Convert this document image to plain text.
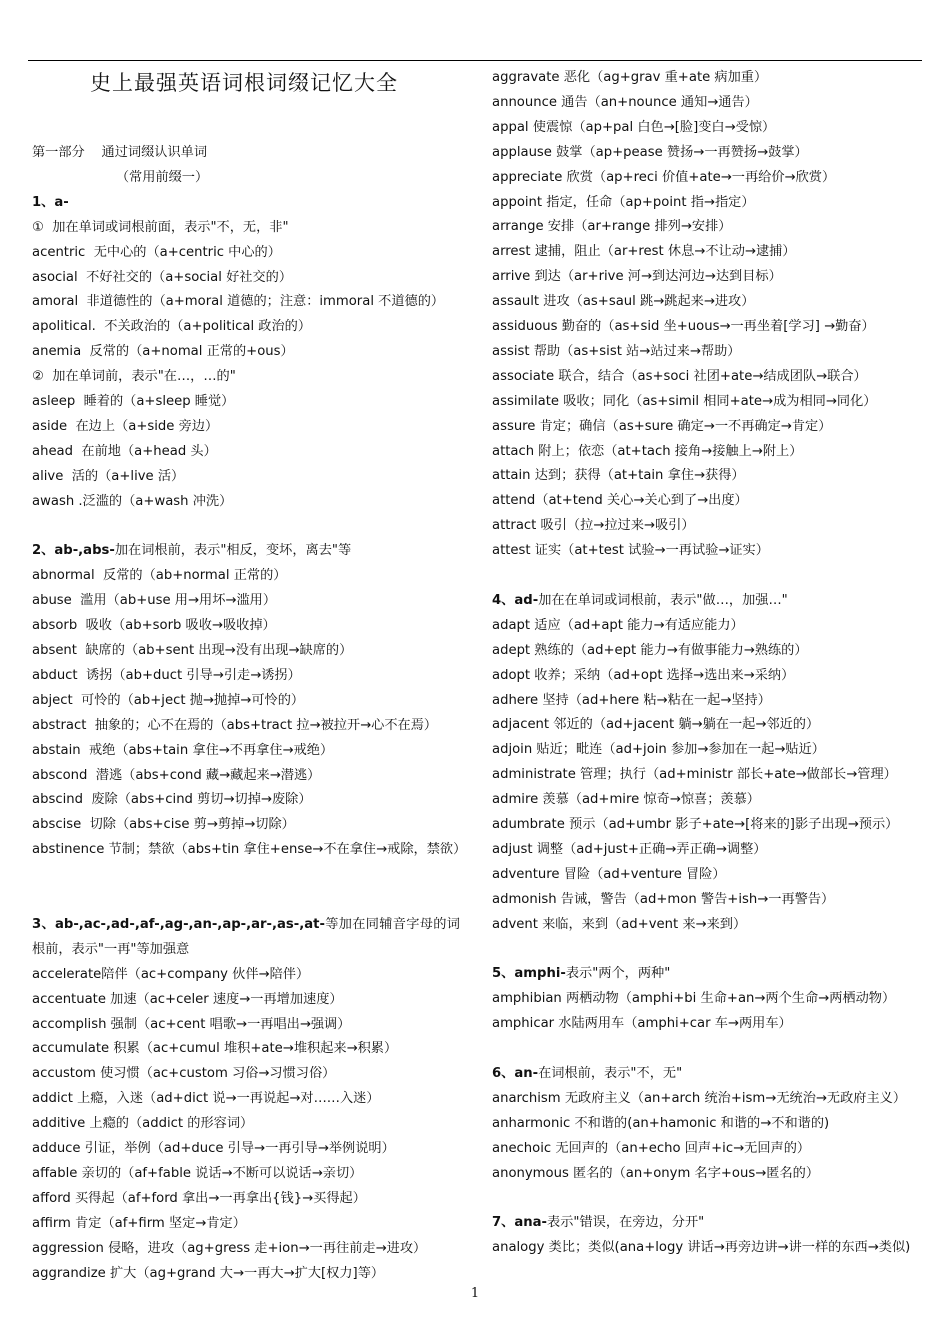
史上最强英语词根词缀记忆大全
第一部分    通过词缀认识单词
（常用前缀一）
1、a-
①  加在单词或词根前面，表示"不，无，非"
acentric  无中心的（a+centric 中心的）
asocial  不好社交的（a+social 好社交的）
amoral  非道德性的（a+moral 道德的；注意：immoral 不道德的）
apolitical.  不关政治的（a+political 政治的）
anemia  反常的（a+nomal 正常的+ous）
②  加在单词前，表示"在…，…的"
asleep  睡着的（a+sleep 睡觉）
aside  在边上（a+side 旁边）
ahead  在前地（a+head 头）
alive  活的（a+live 活）
awash .泛滥的（a+wash 冲洗）
2、ab-,abs-加在词根前，表示"相反，变坏，离去"等
abnormal  反常的（ab+normal 正常的）
abuse  滥用（ab+use 用→用坏→滥用）
absorb  吸收（ab+sorb 吸收→吸收掉）
absent  缺席的（ab+sent 出现→没有出现→缺席的）
abduct  诱拐（ab+duct 引导→引走→诱拐）
abject  可怜的（ab+ject 抛→抛掉→可怜的）
abstract  抽象的；心不在焉的（abs+tract 拉→被拉开→心不在焉）
abstain  戒绝（abs+tain 拿住→不再拿住→戒绝）
abscond  潜逃（abs+cond 藏→藏起来→潜逃）
abscind  废除（abs+cind 剪切→切掉→废除）
abscise  切除（abs+cise 剪→剪掉→切除）
abstinence 节制；禁欲（abs+tin 拿住+ense→不在拿住→戒除，禁欲）
3、ab-,ac-,ad-,af-,ag-,an-,ap-,ar-,as-,at-等加在同辅音字母的词根前，表示"一再"等加强意
accelerate陪伴（ac+company 伙伴→陪伴）
accentuate 加速（ac+celer 速度→一再增加速度）
accomplish 强制（ac+cent 唱歌→一再唱出→强调）
accumulate 积累（ac+cumul 堆积+ate→堆积起来→积累）
accustom 使习惯（ac+custom 习俗→习惯习俗）
addict 上瘾，入迷（ad+dict 说→一再说起→对……入迷）
additive 上瘾的（addict 的形容词）
adduce 引证，举例（ad+duce 引导→一再引导→举例说明）
affable 亲切的（af+fable 说话→不断可以说话→亲切）
afford 买得起（af+ford 拿出→一再拿出{钱}→买得起）
affirm 肯定（af+firm 坚定→肯定）
aggression 侵略，进攻（ag+gress 走+ion→一再往前走→进攻）
aggrandize 扩大（ag+grand 大→一再大→扩大[权力]等）
aggravate 恶化（ag+grav 重+ate 病加重）
announce 通告（an+nounce 通知→通告）
appal 使震惊（ap+pal 白色→[脸]变白→受惊）
applause 鼓掌（ap+pease 赞扬→一再赞扬→鼓掌）
appreciate 欣赏（ap+reci 价值+ate→一再给价→欣赏）
appoint 指定，任命（ap+point 指→指定）
arrange 安排（ar+range 排列→安排）
arrest 逮捕，阻止（ar+rest 休息→不让动→逮捕）
arrive 到达（ar+rive 河→到达河边→达到目标）
assault 进攻（as+saul 跳→跳起来→进攻）
assiduous 勤奋的（as+sid 坐+uous→一再坐着[学习] →勤奋）
assist 帮助（as+sist 站→站过来→帮助）
associate 联合，结合（as+soci 社团+ate→结成团队→联合）
assimilate 吸收；同化（as+simil 相同+ate→成为相同→同化）
assure 肯定；确信（as+sure 确定→一不再确定→肯定）
attach 附上；依恋（at+tach 接角→接触上→附上）
attain 达到；获得（at+tain 拿住→获得）
attend（at+tend 关心→关心到了→出度）
attract 吸引（拉→拉过来→吸引）
attest 证实（at+test 试验→一再试验→证实）
4、ad-加在在单词或词根前，表示"做…，加强…"
adapt 适应（ad+apt 能力→有适应能力）
adept 熟练的（ad+ept 能力→有做事能力→熟练的）
adopt 收养；采纳（ad+opt 选择→选出来→采纳）
adhere 坚持（ad+here 粘→粘在一起→坚持）
adjacent 邻近的（ad+jacent 躺→躺在一起→邻近的）
adjoin 贴近；毗连（ad+join 参加→参加在一起→贴近）
administrate 管理；执行（ad+ministr 部长+ate→做部长→管理）
admire 羡慕（ad+mire 惊奇→惊喜；羡慕）
adumbrate 预示（ad+umbr 影子+ate→[将来的]影子出现→预示）
adjust 调整（ad+just+正确→弄正确→调整）
adventure 冒险（ad+venture 冒险）
admonish 告诫，警告（ad+mon 警告+ish→一再警告）
advent 来临，来到（ad+vent 来→来到）
5、amphi-表示"两个，两种"
amphibian 两栖动物（amphi+bi 生命+an→两个生命→两栖动物）
amphicar 水陆两用车（amphi+car 车→两用车）
6、an-在词根前，表示"不，无"
anarchism 无政府主义（an+arch 统治+ism→无统治→无政府主义）
anharmonic 不和谐的(an+hamonic 和谐的→不和谐的)
anechoic 无回声的（an+echo 回声+ic→无回声的）
anonymous 匿名的（an+onym 名字+ous→匿名的）
7、ana-表示"错误，在旁边，分开"
analogy 类比；类似(ana+logy 讲话→再旁边讲→讲一样的东西→类似)
1
